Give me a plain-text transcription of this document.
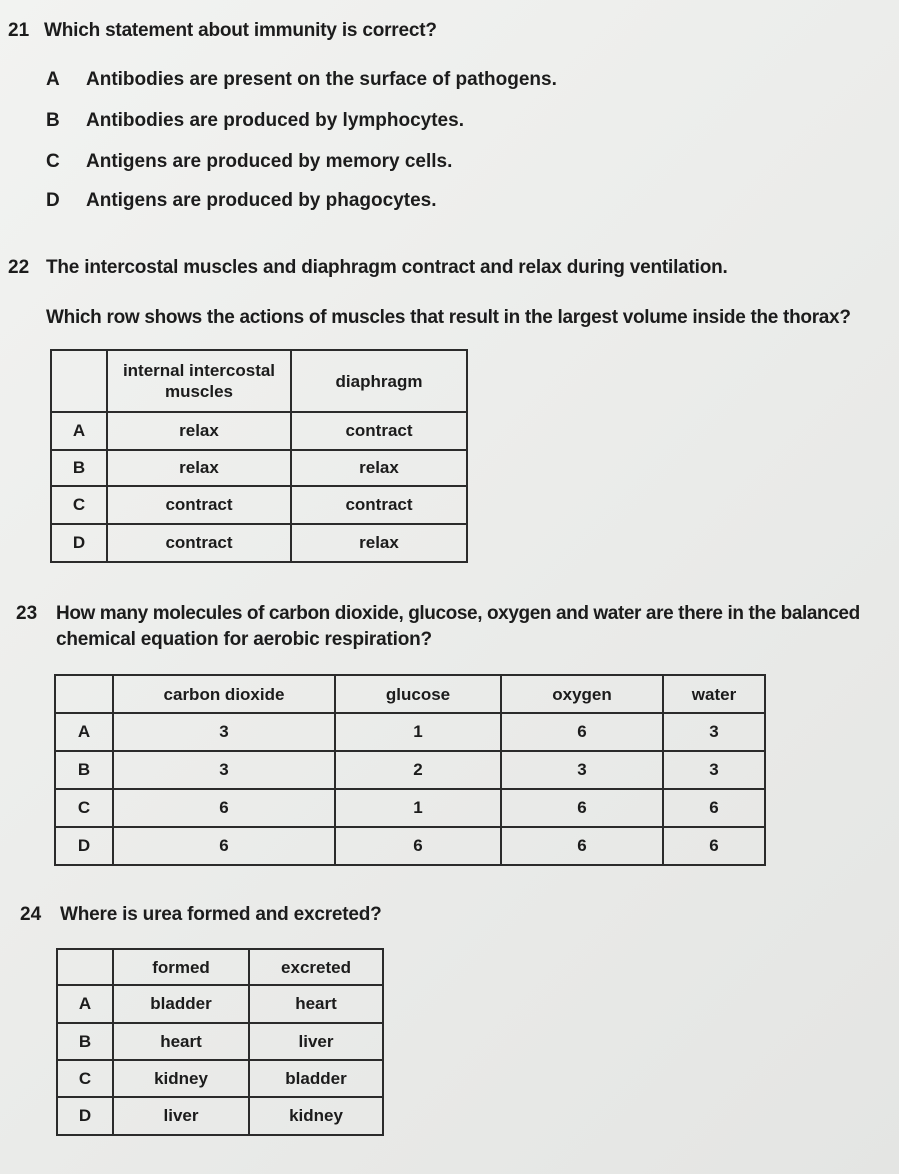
21 Which statement about immunity is correct?
A Antibodies are present on the surface of pathogens.
B Antibodies are produced by lymphocytes.
C Antigens are produced by memory cells.
D Antigens are produced by phagocytes.
22 The intercostal muscles and diaphragm contract and relax during ventilation.
Which row shows the actions of muscles that result in the largest volume inside the thorax?
	internal intercostal muscles	diaphragm
A	relax	contract
B	relax	relax
C	contract	contract
D	contract	relax
23 How many molecules of carbon dioxide, glucose, oxygen and water are there in the balanced
chemical equation for aerobic respiration?
	carbon dioxide	glucose	oxygen	water
A	3	1	6	3
B	3	2	3	3
C	6	1	6	6
D	6	6	6	6
24 Where is urea formed and excreted?
	formed	excreted
A	bladder	heart
B	heart	liver
C	kidney	bladder
D	liver	kidney
